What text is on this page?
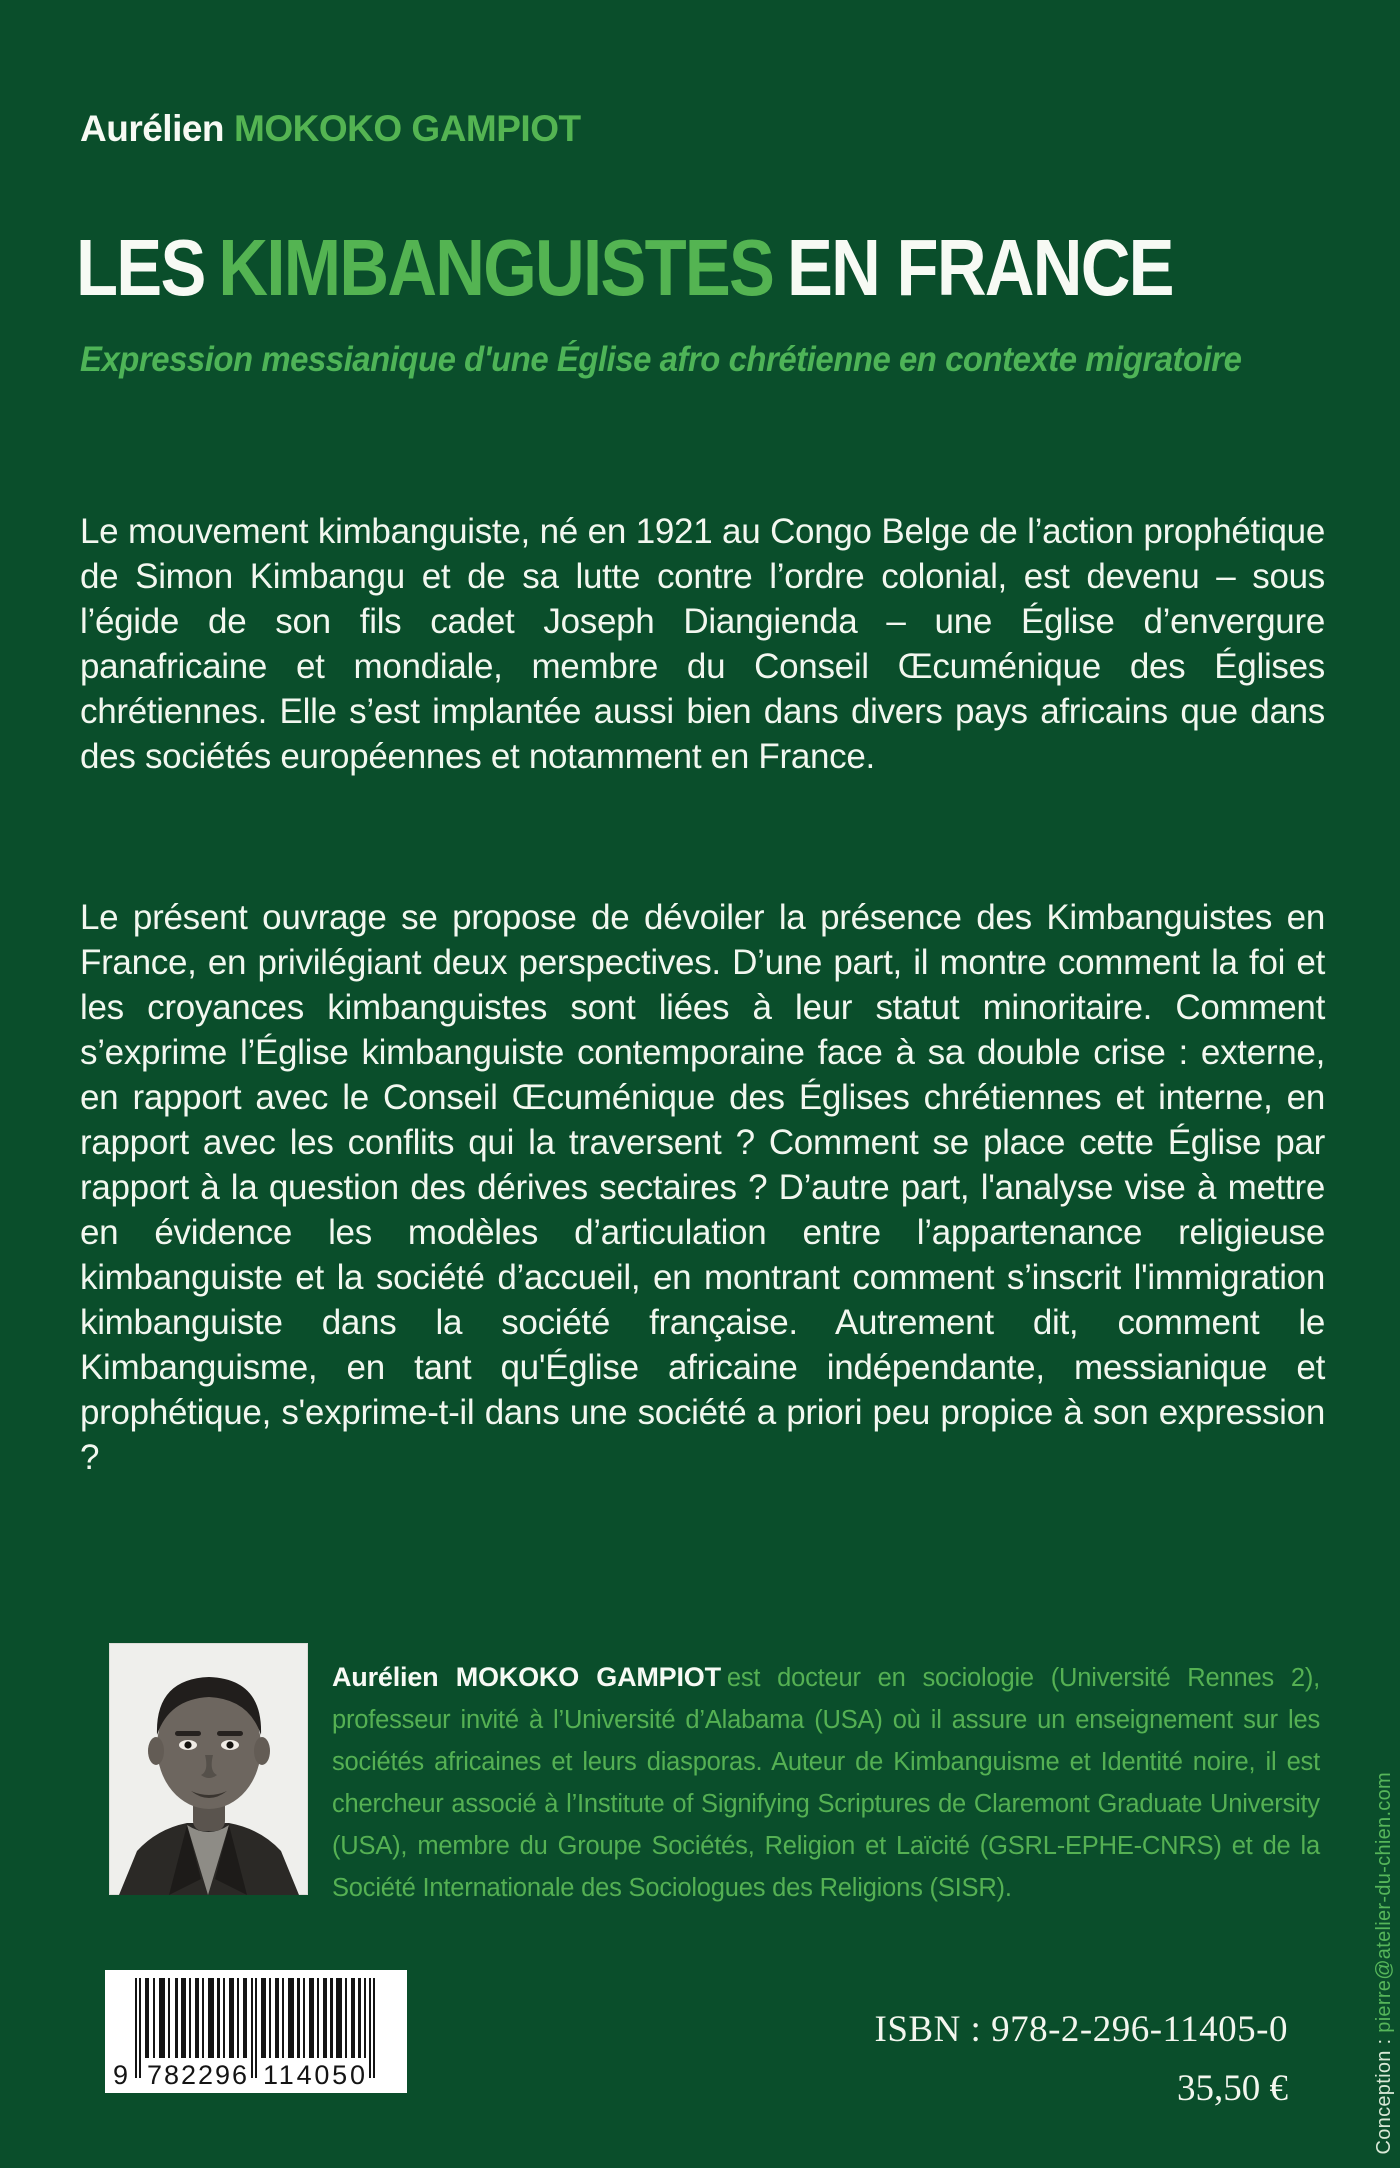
Aurélien MOKOKO GAMPIOT
LES KIMBANGUISTES EN FRANCE
Expression messianique d'une Église afro chrétienne en contexte migratoire

Le mouvement kimbanguiste, né en 1921 au Congo Belge de l’action prophétique de Simon Kimbangu et de sa lutte contre l’ordre colonial, est devenu – sous l’égide de son fils cadet Joseph Diangienda – une Église d’envergure panafricaine et mondiale, membre du Conseil Œcuménique des Églises chrétiennes. Elle s’est implantée aussi bien dans divers pays africains que dans des sociétés européennes et notamment en France.

Le présent ouvrage se propose de dévoiler la présence des Kimbanguistes en France, en privilégiant deux perspectives. D’une part, il montre comment la foi et les croyances kimbanguistes sont liées à leur statut minoritaire. Comment s’exprime l’Église kimbanguiste contemporaine face à sa double crise : externe, en rapport avec le Conseil Œcuménique des Églises chrétiennes et interne, en rapport avec les conflits qui la traversent ? Comment se place cette Église par rapport à la question des dérives sectaires ? D’autre part, l'analyse vise à mettre en évidence les modèles d’articulation entre l’appartenance religieuse kimbanguiste et la société d’accueil, en montrant comment s’inscrit l'immigration kimbanguiste dans la société française. Autrement dit, comment le Kimbanguisme, en tant qu'Église africaine indépendante, messianique et prophétique, s'exprime-t-il dans une société a priori peu propice à son expression ?

Aurélien MOKOKO GAMPIOT est docteur en sociologie (Université Rennes 2), professeur invité à l’Université d’Alabama (USA) où il assure un enseignement sur les sociétés africaines et leurs diasporas. Auteur de Kimbanguisme et Identité noire, il est chercheur associé à l’Institute of Signifying Scriptures de Claremont Graduate University (USA), membre du Groupe Sociétés, Religion et Laïcité (GSRL-EPHE-CNRS) et de la Société Internationale des Sociologues des Religions (SISR).

9 782296 114050
ISBN : 978-2-296-11405-0
35,50 €	Conception : pierre@atelier-du-chien.com
